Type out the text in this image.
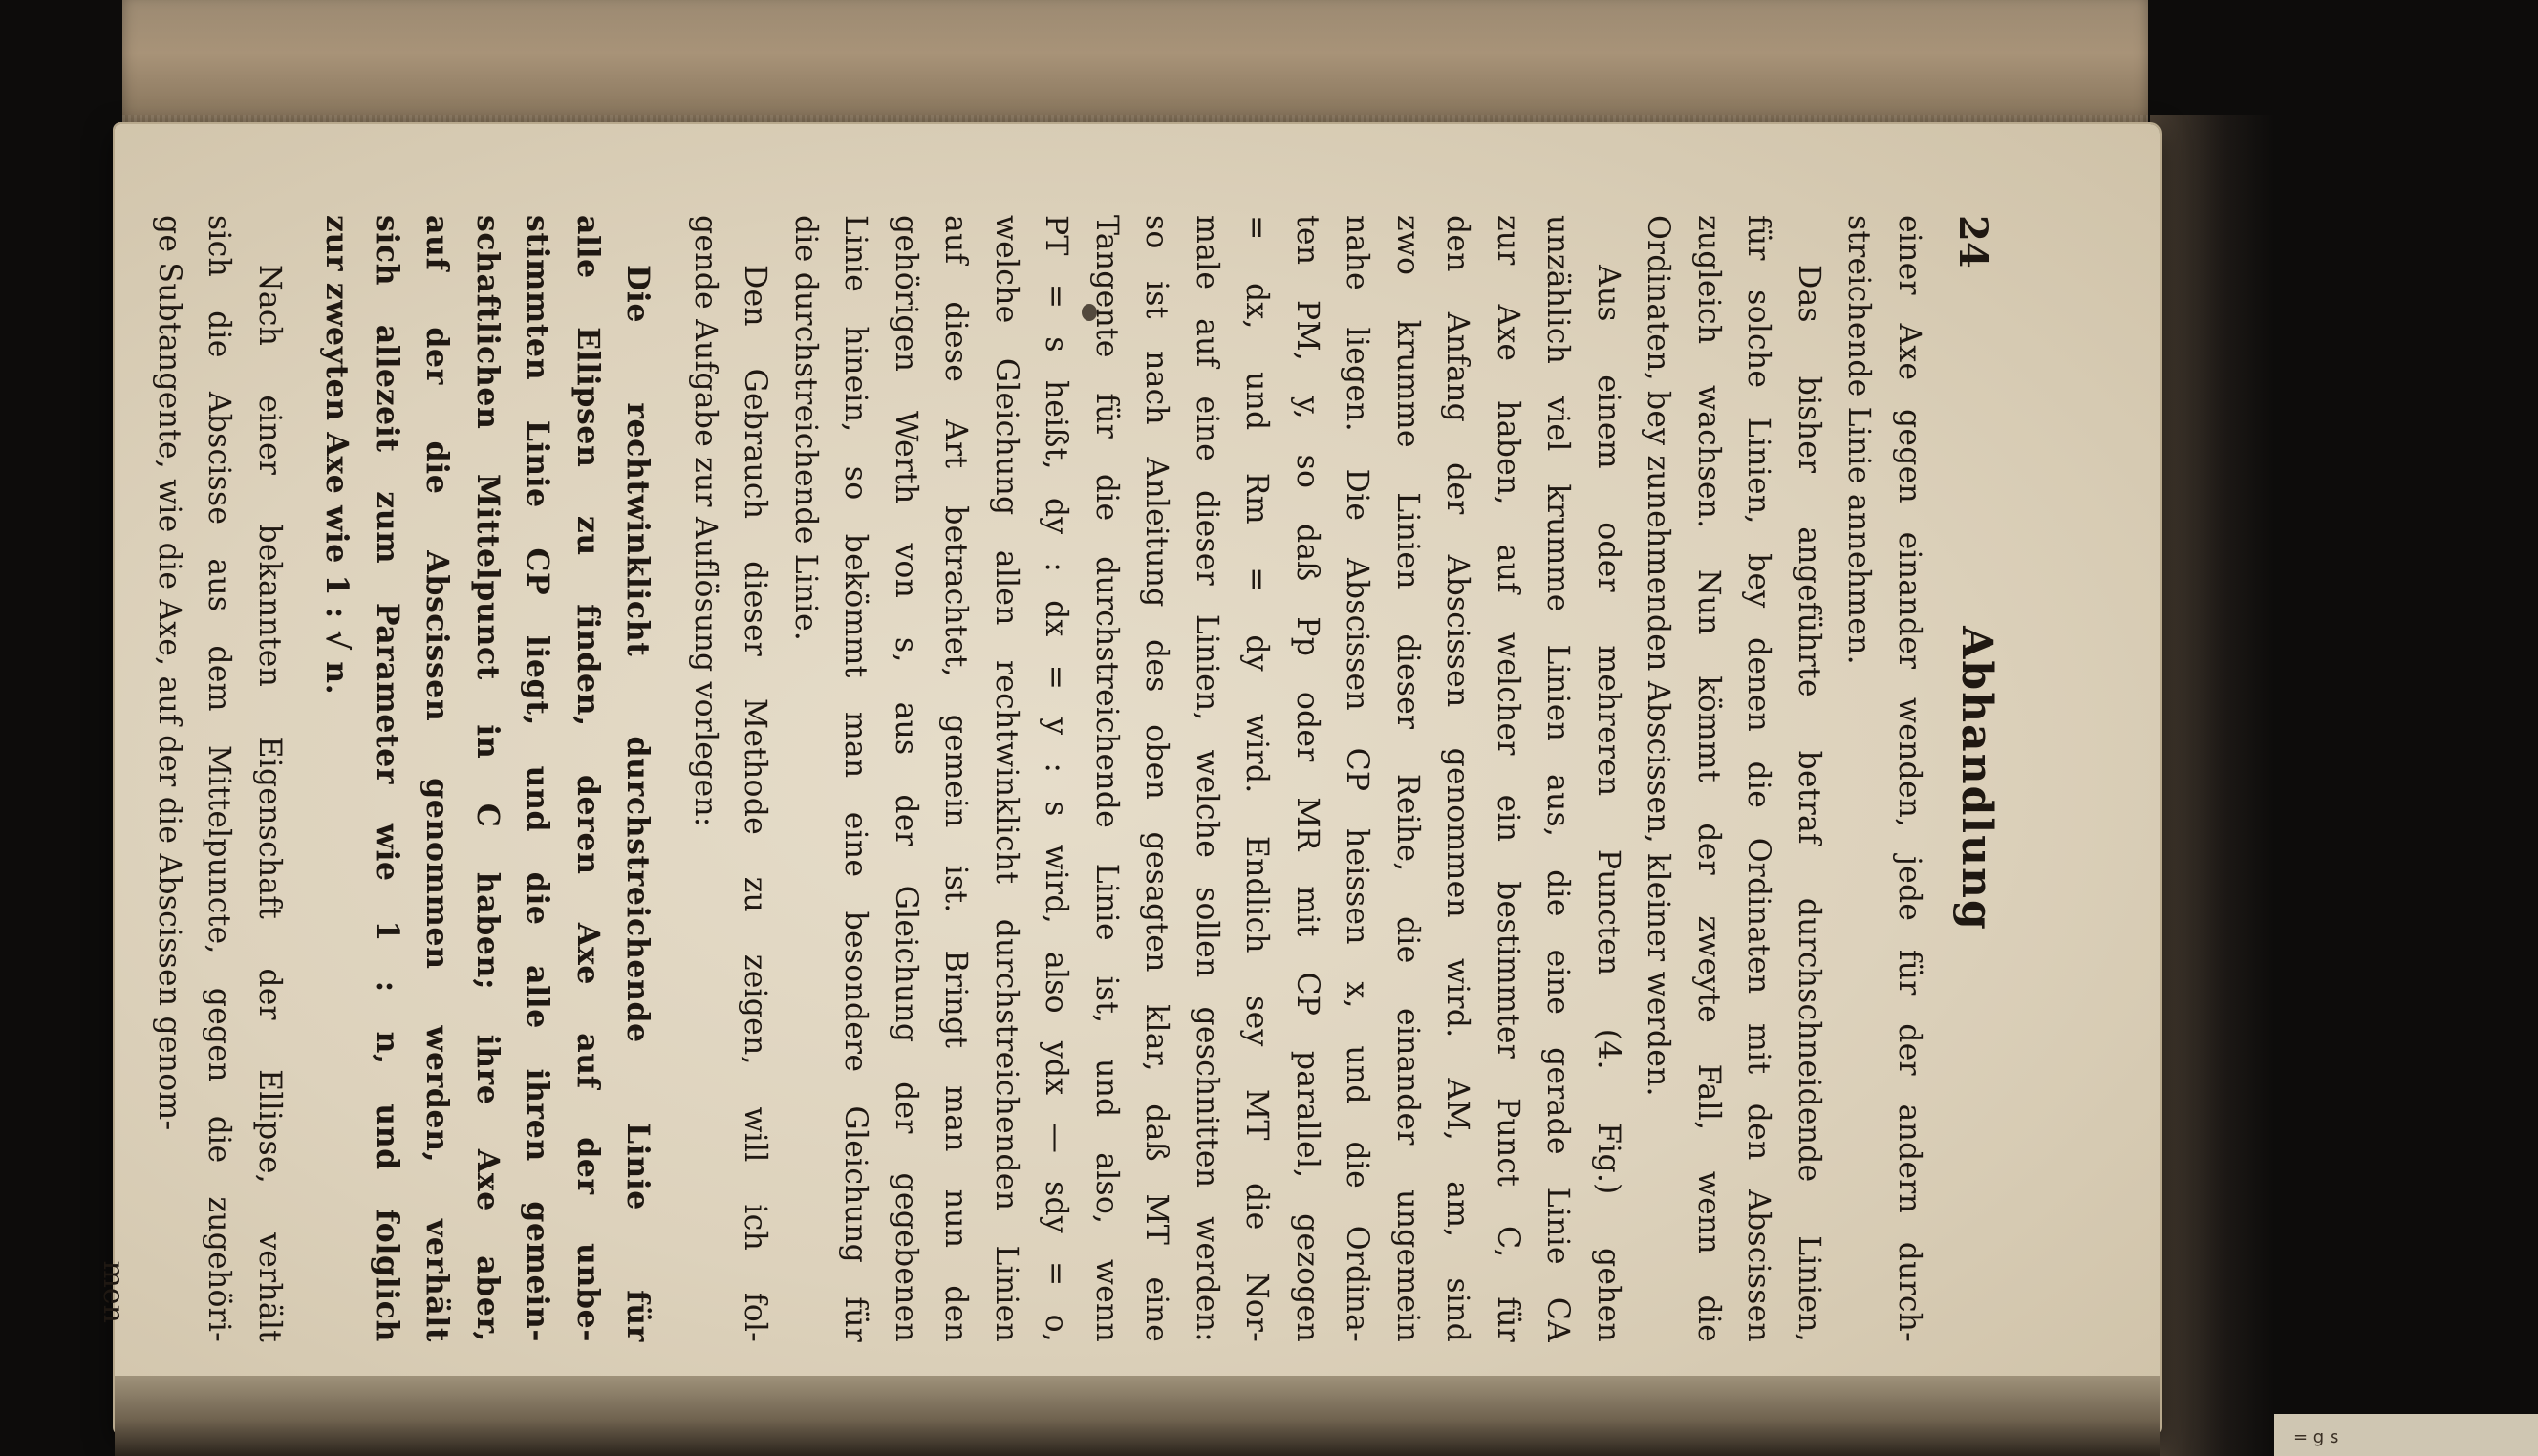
= g s
24
Abhandlung
einer Axe gegen einander wenden, jede für der andern durch-
streichende Linie annehmen.
Das bisher angeführte betraf durchschneidende Linien,
für solche Linien, bey denen die Ordinaten mit den Abscissen
zugleich wachsen. Nun kömmt der zweyte Fall, wenn die
Ordinaten, bey zunehmenden Abscissen, kleiner werden.
Aus einem oder mehreren Puncten (4. Fig.) gehen
unzählich viel krumme Linien aus, die eine gerade Linie CA
zur Axe haben, auf welcher ein bestimmter Punct C, für
den Anfang der Abscissen genommen wird. AM, am, sind
zwo krumme Linien dieser Reihe, die einander ungemein
nahe liegen. Die Abscissen CP heissen x, und die Ordina-
ten PM, y, so daß Pp oder MR mit CP parallel, gezogen
= dx, und Rm = dy wird. Endlich sey MT die Nor-
male auf eine dieser Linien, welche sollen geschnitten werden:
so ist nach Anleitung des oben gesagten klar, daß MT eine
Tangente für die durchstreichende Linie ist, und also, wenn
PT = s heißt, dy : dx = y : s wird, also ydx — sdy = o,
welche Gleichung allen rechtwinklicht durchstreichenden Linien
auf diese Art betrachtet, gemein ist. Bringt man nun den
gehörigen Werth von s, aus der Gleichung der gegebenen
Linie hinein, so bekömmt man eine besondere Gleichung für
die durchstreichende Linie.
Den Gebrauch dieser Methode zu zeigen, will ich fol-
gende Aufgabe zur Auflösung vorlegen:
Die rechtwinklicht durchstreichende Linie für
alle Ellipsen zu finden, deren Axe auf der unbe-
stimmten Linie CP liegt, und die alle ihren gemein-
schaftlichen Mittelpunct in C haben; ihre Axe aber,
auf der die Abscissen genommen werden, verhält
sich allezeit zum Parameter wie 1 : n, und folglich
zur zweyten Axe wie 1 : √ n.
Nach einer bekannten Eigenschaft der Ellipse, verhält
sich die Abscisse aus dem Mittelpuncte, gegen die zugehöri-
ge Subtangente, wie die Axe, auf der die Abscissen genom-
men
